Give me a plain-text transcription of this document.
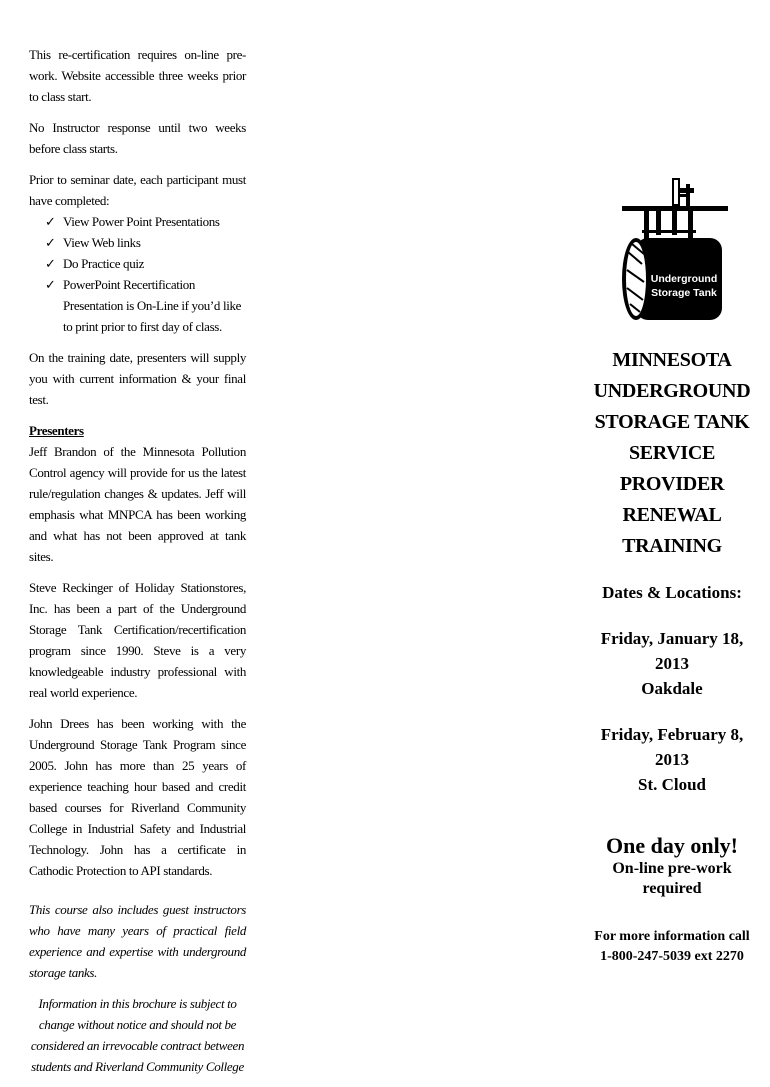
This re-certification requires on-line pre-work. Website accessible three weeks prior to class start.

No Instructor response until two weeks before class starts.

Prior to seminar date, each participant must have completed:

✓ View Power Point Presentations
✓ View Web links
✓ Do Practice quiz
✓ PowerPoint Recertification Presentation is On-Line if you’d like to print prior to first day of class.

On the training date, presenters will supply you with current information & your final test.

Presenters
Jeff Brandon of the Minnesota Pollution Control agency will provide for us the latest rule/regulation changes & updates. Jeff will emphasis what MNPCA has been working and what has not been approved at tank sites.

Steve Reckinger of Holiday Stationstores, Inc. has been a part of the Underground Storage Tank Certification/recertification program since 1990. Steve is a very knowledgeable industry professional with real world experience.

John Drees has been working with the Underground Storage Tank Program since 2005. John has more than 25 years of experience teaching hour based and credit based courses for Riverland Community College in Industrial Safety and Industrial Technology. John has a certificate in Cathodic Protection to API standards.

This course also includes guest instructors who have many years of practical field experience and expertise with underground storage tanks.

Information in this brochure is subject to change without notice and should not be considered an irrevocable contract between students and Riverland Community College

Underground
Storage Tank
MINNESOTA
UNDERGROUND
STORAGE TANK
SERVICE PROVIDER
RENEWAL
TRAINING
Dates & Locations:
Friday, January 18, 2013
Oakdale
Friday, February 8, 2013
St. Cloud
One day only!
On-line pre-work required
For more information call
1-800-247-5039 ext 2270
